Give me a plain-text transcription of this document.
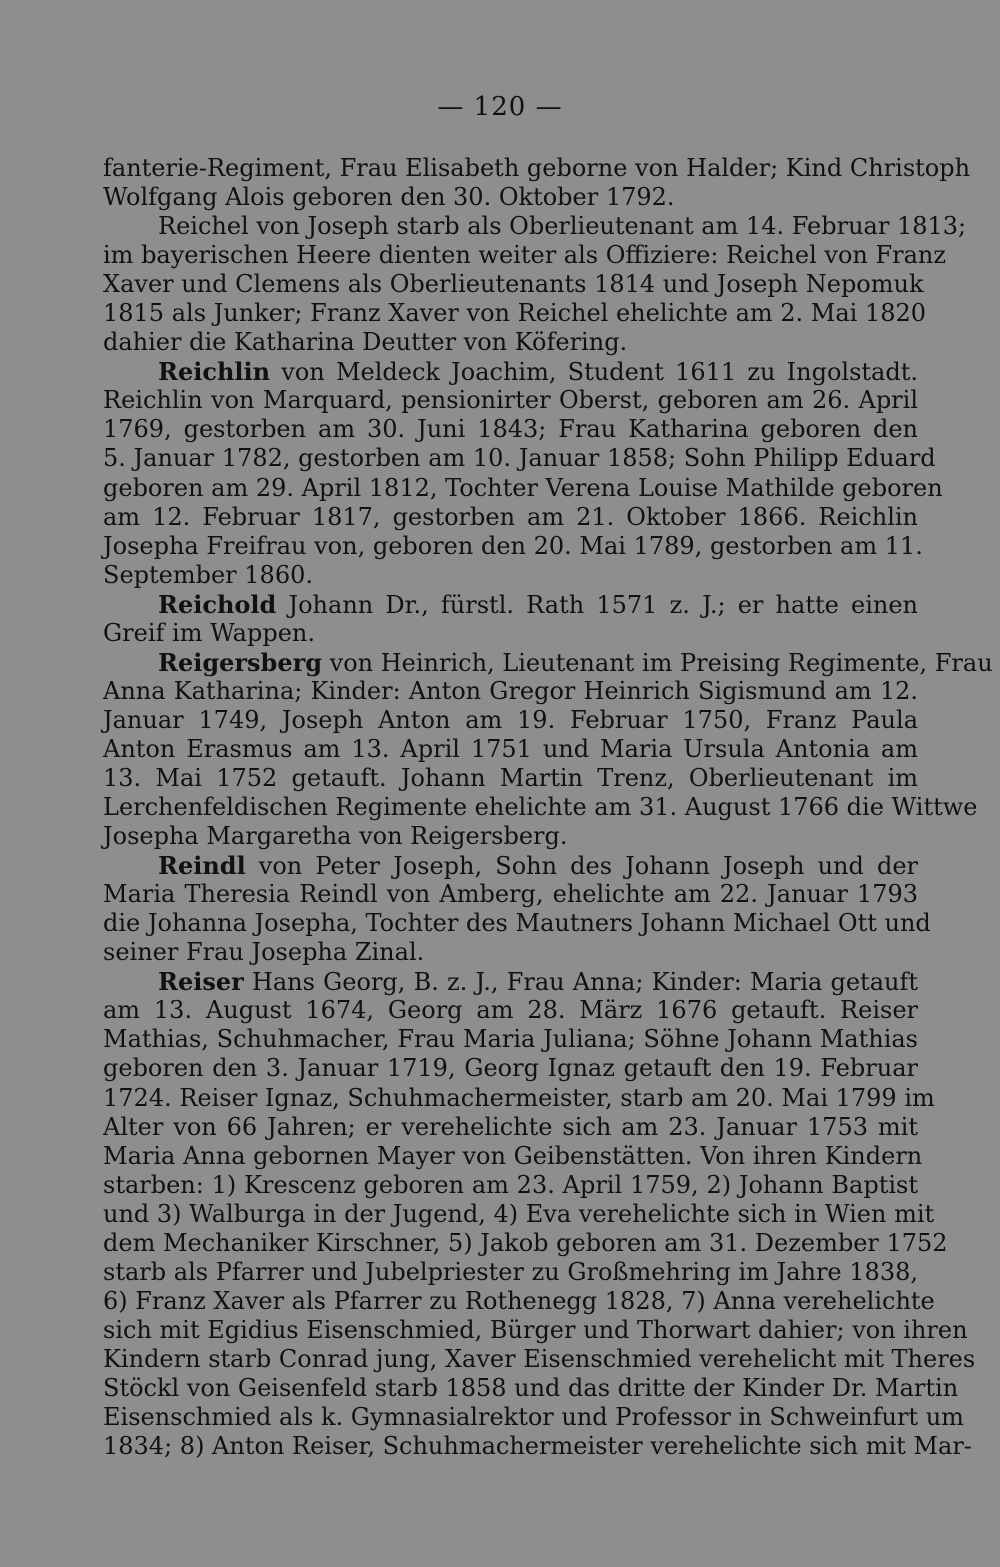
— 120 —
fanterie-Regiment, Frau Elisabeth geborne von Halder; Kind Christoph
Wolfgang Alois geboren den 30. Oktober 1792.
Reichel von Joseph starb als Oberlieutenant am 14. Februar 1813;
im bayerischen Heere dienten weiter als Offiziere: Reichel von Franz
Xaver und Clemens als Oberlieutenants 1814 und Joseph Nepomuk
1815 als Junker; Franz Xaver von Reichel ehelichte am 2. Mai 1820
dahier die Katharina Deutter von Köfering.
Reichlin von Meldeck Joachim, Student 1611 zu Ingolstadt.
Reichlin von Marquard, pensionirter Oberst, geboren am 26. April
1769, gestorben am 30. Juni 1843; Frau Katharina geboren den
5. Januar 1782, gestorben am 10. Januar 1858; Sohn Philipp Eduard
geboren am 29. April 1812, Tochter Verena Louise Mathilde geboren
am 12. Februar 1817, gestorben am 21. Oktober 1866. Reichlin
Josepha Freifrau von, geboren den 20. Mai 1789, gestorben am 11.
September 1860.
Reichold Johann Dr., fürstl. Rath 1571 z. J.; er hatte einen
Greif im Wappen.
Reigersberg von Heinrich, Lieutenant im Preising Regimente, Frau
Anna Katharina; Kinder: Anton Gregor Heinrich Sigismund am 12.
Januar 1749, Joseph Anton am 19. Februar 1750, Franz Paula
Anton Erasmus am 13. April 1751 und Maria Ursula Antonia am
13. Mai 1752 getauft. Johann Martin Trenz, Oberlieutenant im
Lerchenfeldischen Regimente ehelichte am 31. August 1766 die Wittwe
Josepha Margaretha von Reigersberg.
Reindl von Peter Joseph, Sohn des Johann Joseph und der
Maria Theresia Reindl von Amberg, ehelichte am 22. Januar 1793
die Johanna Josepha, Tochter des Mautners Johann Michael Ott und
seiner Frau Josepha Zinal.
Reiser Hans Georg, B. z. J., Frau Anna; Kinder: Maria getauft
am 13. August 1674, Georg am 28. März 1676 getauft. Reiser
Mathias, Schuhmacher, Frau Maria Juliana; Söhne Johann Mathias
geboren den 3. Januar 1719, Georg Ignaz getauft den 19. Februar
1724. Reiser Ignaz, Schuhmachermeister, starb am 20. Mai 1799 im
Alter von 66 Jahren; er verehelichte sich am 23. Januar 1753 mit
Maria Anna gebornen Mayer von Geibenstätten. Von ihren Kindern
starben: 1) Krescenz geboren am 23. April 1759, 2) Johann Baptist
und 3) Walburga in der Jugend, 4) Eva verehelichte sich in Wien mit
dem Mechaniker Kirschner, 5) Jakob geboren am 31. Dezember 1752
starb als Pfarrer und Jubelpriester zu Großmehring im Jahre 1838,
6) Franz Xaver als Pfarrer zu Rothenegg 1828, 7) Anna verehelichte
sich mit Egidius Eisenschmied, Bürger und Thorwart dahier; von ihren
Kindern starb Conrad jung, Xaver Eisenschmied verehelicht mit Theres
Stöckl von Geisenfeld starb 1858 und das dritte der Kinder Dr. Martin
Eisenschmied als k. Gymnasialrektor und Professor in Schweinfurt um
1834; 8) Anton Reiser, Schuhmachermeister verehelichte sich mit Mar-
